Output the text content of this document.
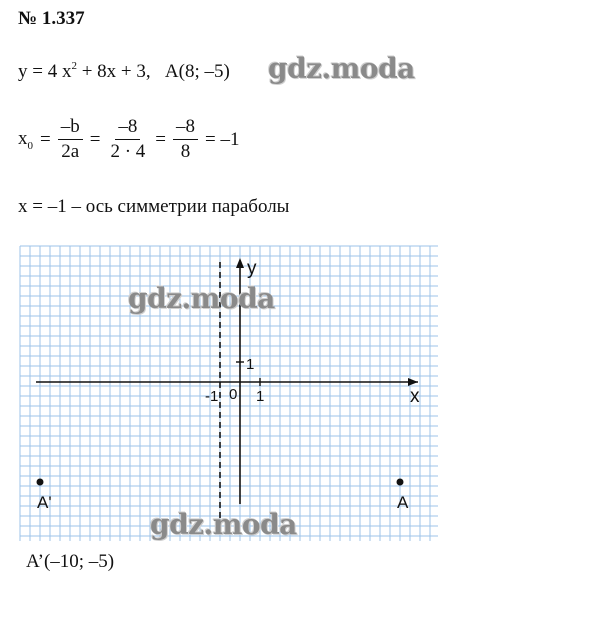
№ 1.337
y = 4 $x^2 + 8x + 3$, A(8; –5) gdz.moda
$x_0 = \frac{-b}{2a} = \frac{-8}{2 \cdot 4} = \frac{-8}{8} = -1$
x = –1 – ось симметрии параболы
x
y
0 1
-1
1
A
A'
gdz.moda
gdz.moda
A’(–10; –5)
